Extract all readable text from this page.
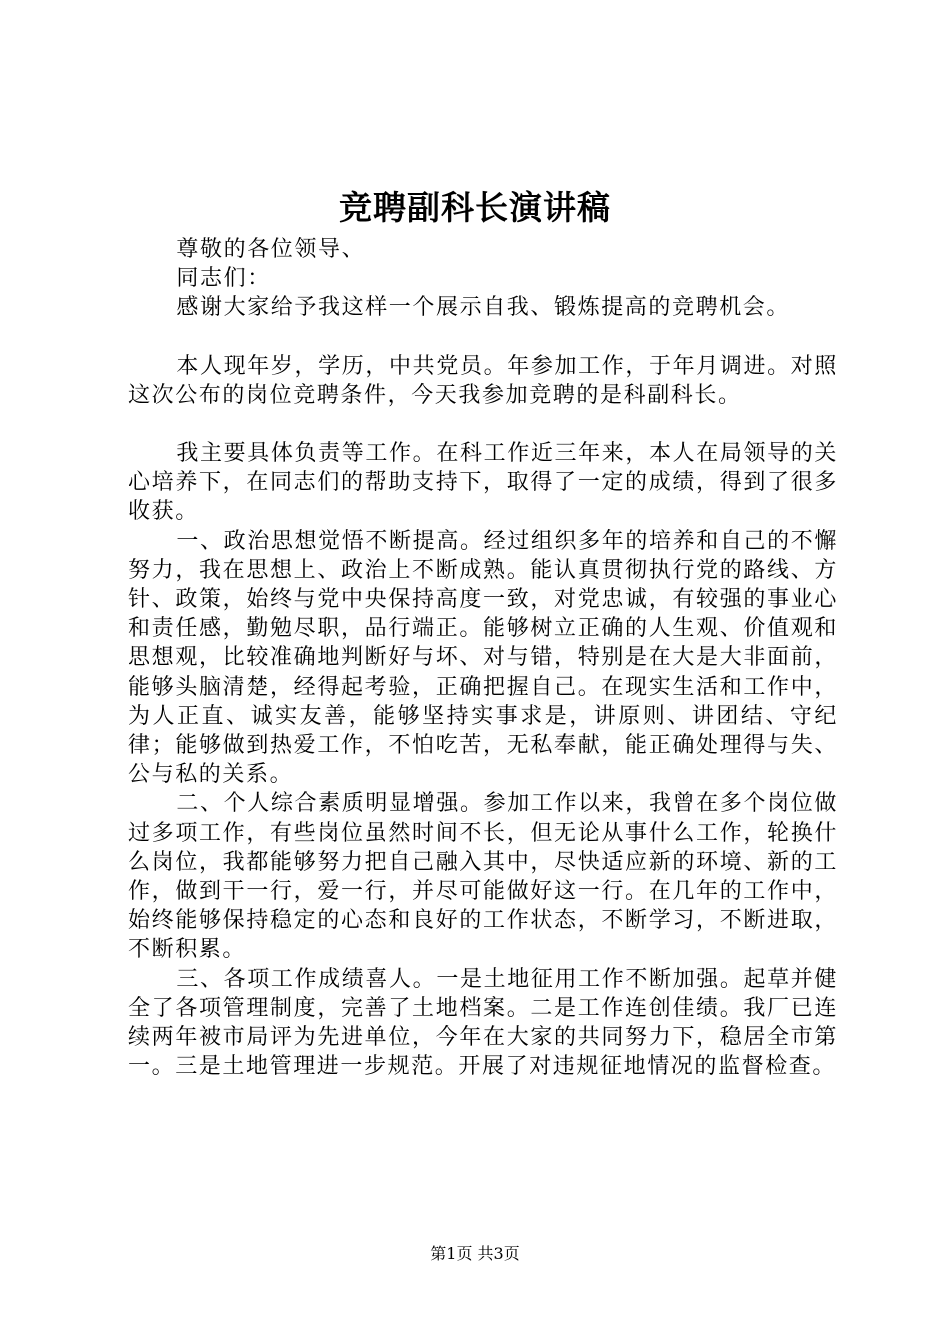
竞聘副科长演讲稿

尊敬的各位领导、

同志们：

感谢大家给予我这样一个展示自我、锻炼提高的竞聘机会。

本人现年岁，学历，中共党员。年参加工作，于年月调进。对照这次公布的岗位竞聘条件，今天我参加竞聘的是科副科长。

我主要具体负责等工作。在科工作近三年来，本人在局领导的关心培养下，在同志们的帮助支持下，取得了一定的成绩，得到了很多收获。

一、政治思想觉悟不断提高。经过组织多年的培养和自己的不懈努力，我在思想上、政治上不断成熟。能认真贯彻执行党的路线、方针、政策，始终与党中央保持高度一致，对党忠诚，有较强的事业心和责任感，勤勉尽职，品行端正。能够树立正确的人生观、价值观和思想观，比较准确地判断好与坏、对与错，特别是在大是大非面前，能够头脑清楚，经得起考验，正确把握自己。在现实生活和工作中，为人正直、诚实友善，能够坚持实事求是，讲原则、讲团结、守纪律；能够做到热爱工作，不怕吃苦，无私奉献，能正确处理得与失、公与私的关系。

二、个人综合素质明显增强。参加工作以来，我曾在多个岗位做过多项工作，有些岗位虽然时间不长，但无论从事什么工作，轮换什么岗位，我都能够努力把自己融入其中，尽快适应新的环境、新的工作，做到干一行，爱一行，并尽可能做好这一行。在几年的工作中，始终能够保持稳定的心态和良好的工作状态，不断学习，不断进取，不断积累。

三、各项工作成绩喜人。一是土地征用工作不断加强。起草并健全了各项管理制度，完善了土地档案。二是工作连创佳绩。我厂已连续两年被市局评为先进单位，今年在大家的共同努力下，稳居全市第一。三是土地管理进一步规范。开展了对违规征地情况的监督检查。

第1页 共3页
